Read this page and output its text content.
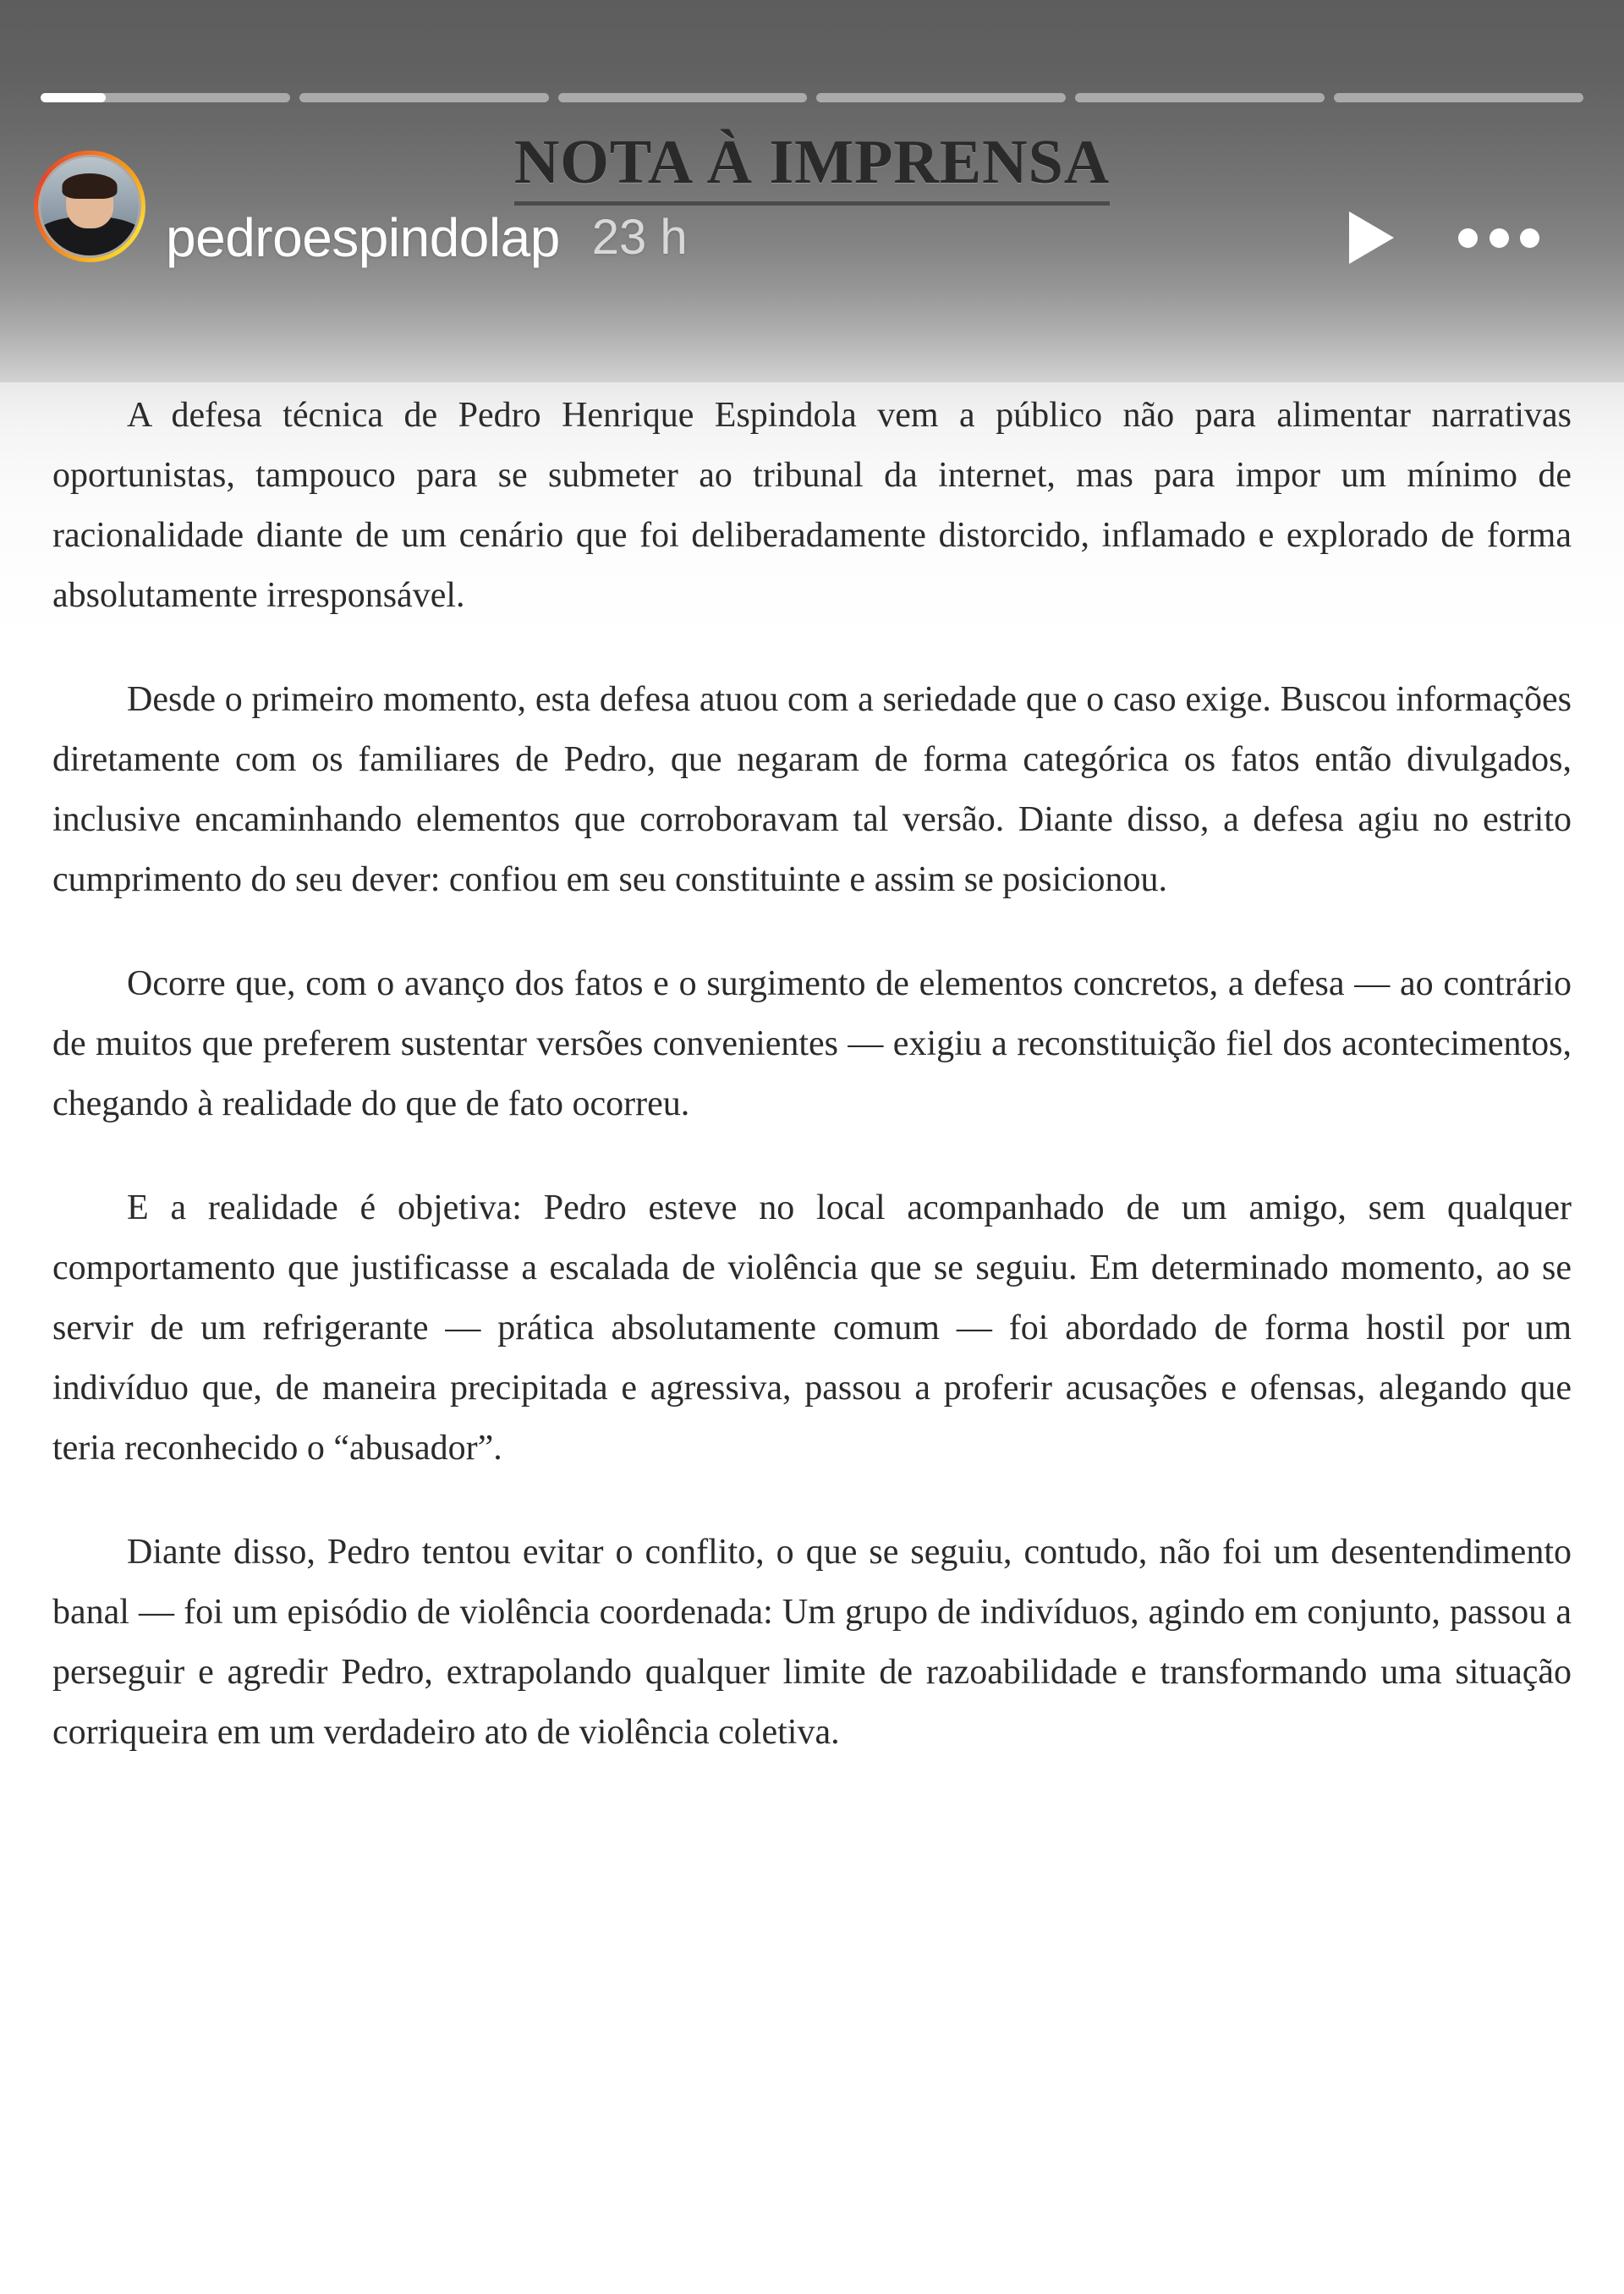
A defesa técnica de Pedro Henrique Espindola vem a público não para alimentar narrativas oportunistas, tampouco para se submeter ao tribunal da internet, mas para impor um mínimo de racionalidade diante de um cenário que foi deliberadamente distorcido, inflamado e explorado de forma absolutamente irresponsável.

Desde o primeiro momento, esta defesa atuou com a seriedade que o caso exige. Buscou informações diretamente com os familiares de Pedro, que negaram de forma categórica os fatos então divulgados, inclusive encaminhando elementos que corroboravam tal versão. Diante disso, a defesa agiu no estrito cumprimento do seu dever: confiou em seu constituinte e assim se posicionou.

Ocorre que, com o avanço dos fatos e o surgimento de elementos concretos, a defesa — ao contrário de muitos que preferem sustentar versões convenientes — exigiu a reconstituição fiel dos acontecimentos, chegando à realidade do que de fato ocorreu.

E a realidade é objetiva: Pedro esteve no local acompanhado de um amigo, sem qualquer comportamento que justificasse a escalada de violência que se seguiu. Em determinado momento, ao se servir de um refrigerante — prática absolutamente comum — foi abordado de forma hostil por um indivíduo que, de maneira precipitada e agressiva, passou a proferir acusações e ofensas, alegando que teria reconhecido o “abusador”.

Diante disso, Pedro tentou evitar o conflito, o que se seguiu, contudo, não foi um desentendimento banal — foi um episódio de violência coordenada: Um grupo de indivíduos, agindo em conjunto, passou a perseguir e agredir Pedro, extrapolando qualquer limite de razoabilidade e transformando uma situação corriqueira em um verdadeiro ato de violência coletiva.

NOTA À IMPRENSA
pedroespindolap 23 h
